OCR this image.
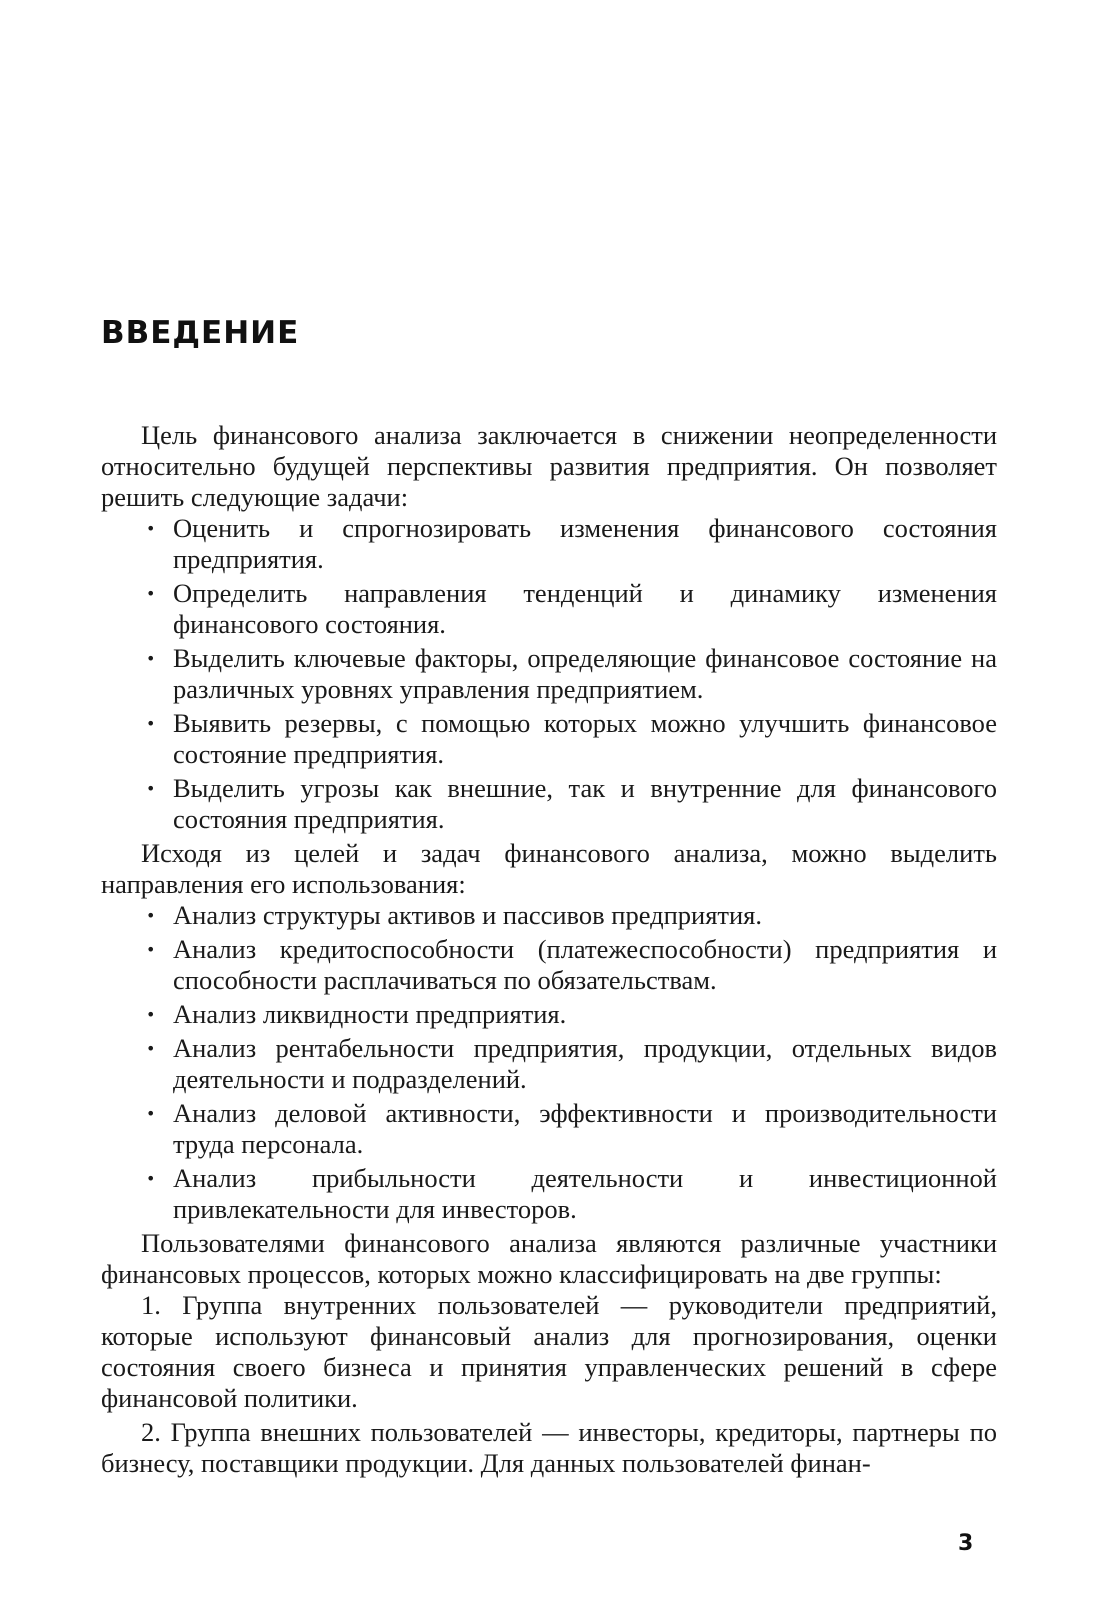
ВВЕДЕНИЕ

Цель финансового анализа заключается в снижении неопределенности относительно будущей перспективы развития предприятия. Он позволяет решить следующие задачи:

• Оценить и спрогнозировать изменения финансового состояния предприятия.
• Определить направления тенденций и динамику изменения финансового состояния.
• Выделить ключевые факторы, определяющие финансовое состояние на различных уровнях управления предприятием.
• Выявить резервы, с помощью которых можно улучшить финансовое состояние предприятия.
• Выделить угрозы как внешние, так и внутренние для финансового состояния предприятия.

Исходя из целей и задач финансового анализа, можно выделить направления его использования:

• Анализ структуры активов и пассивов предприятия.
• Анализ кредитоспособности (платежеспособности) предприятия и способности расплачиваться по обязательствам.
• Анализ ликвидности предприятия.
• Анализ рентабельности предприятия, продукции, отдельных видов деятельности и подразделений.
• Анализ деловой активности, эффективности и производительности труда персонала.
• Анализ прибыльности деятельности и инвестиционной привлекательности для инвесторов.

Пользователями финансового анализа являются различные участники финансовых процессов, которых можно классифицировать на две группы:

1. Группа внутренних пользователей — руководители предприятий, которые используют финансовый анализ для прогнозирования, оценки состояния своего бизнеса и принятия управленческих решений в сфере финансовой политики.

2. Группа внешних пользователей — инвесторы, кредиторы, партнеры по бизнесу, поставщики продукции. Для данных пользователей финан-

3
